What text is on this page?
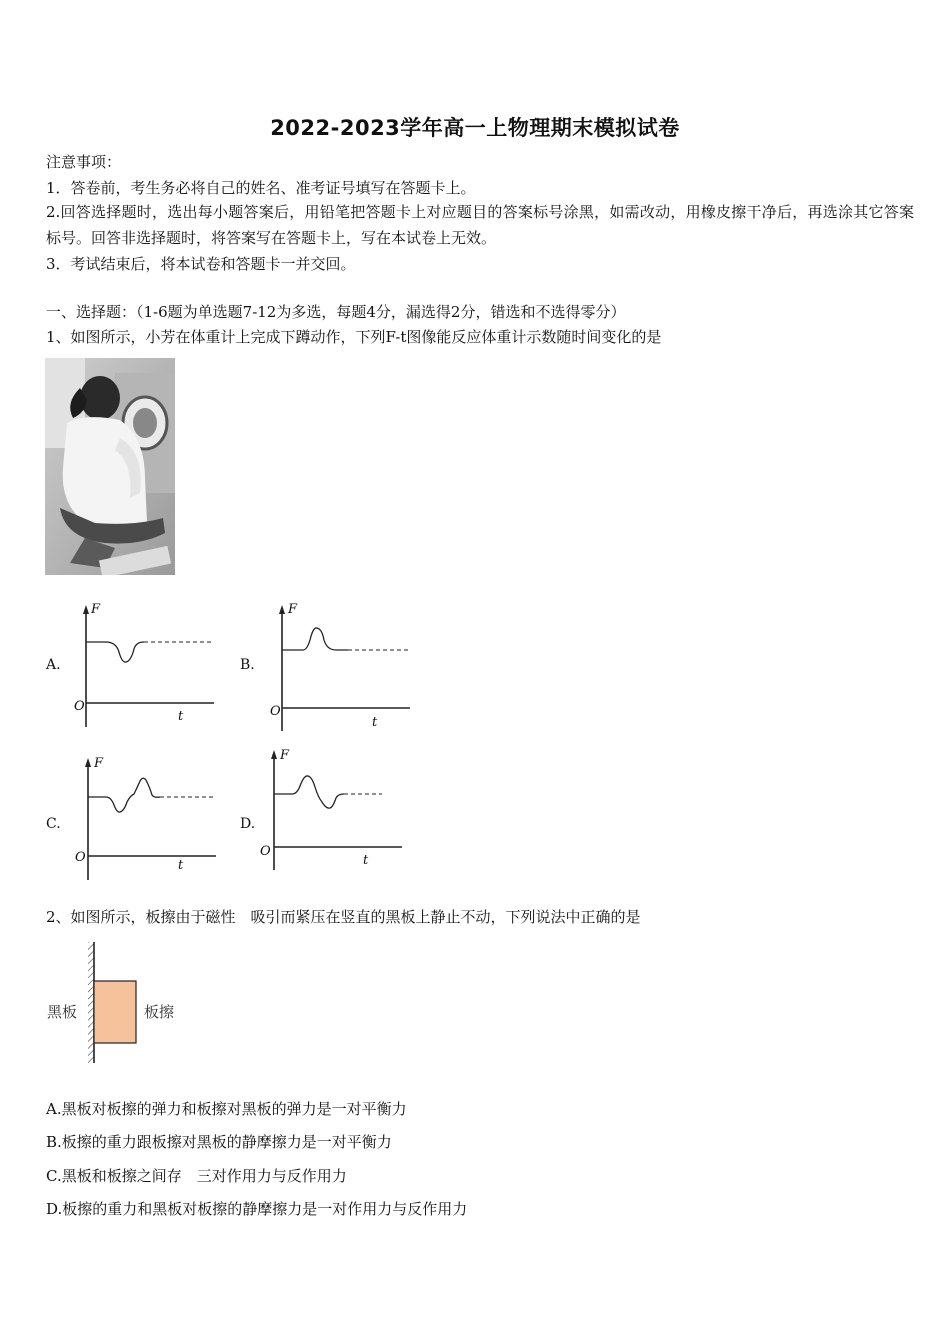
2022-2023学年高一上物理期末模拟试卷
注意事项：
1．答卷前，考生务必将自己的姓名、准考证号填写在答题卡上。
2.回答选择题时，选出每小题答案后，用铅笔把答题卡上对应题目的答案标号涂黑，如需改动，用橡皮擦干净后，再选涂其它答案标号。回答非选择题时，将答案写在答题卡上，写在本试卷上无效。
3．考试结束后，将本试卷和答题卡一并交回。
一、选择题：（1-6题为单选题7-12为多选，每题4分，漏选得2分，错选和不选得零分）
1、如图所示，小芳在体重计上完成下蹲动作，下列F-t图像能反应体重计示数随时间变化的是
A.
F
O
t
B.
F
O
t
C.
F
O
t
D.
F
O
t
2、如图所示，板擦由于磁性　吸引而紧压在竖直的黑板上静止不动，下列说法中正确的是
黑板	板擦
A.黑板对板擦的弹力和板擦对黑板的弹力是一对平衡力
B.板擦的重力跟板擦对黑板的静摩擦力是一对平衡力
C.黑板和板擦之间存　三对作用力与反作用力
D.板擦的重力和黑板对板擦的静摩擦力是一对作用力与反作用力
